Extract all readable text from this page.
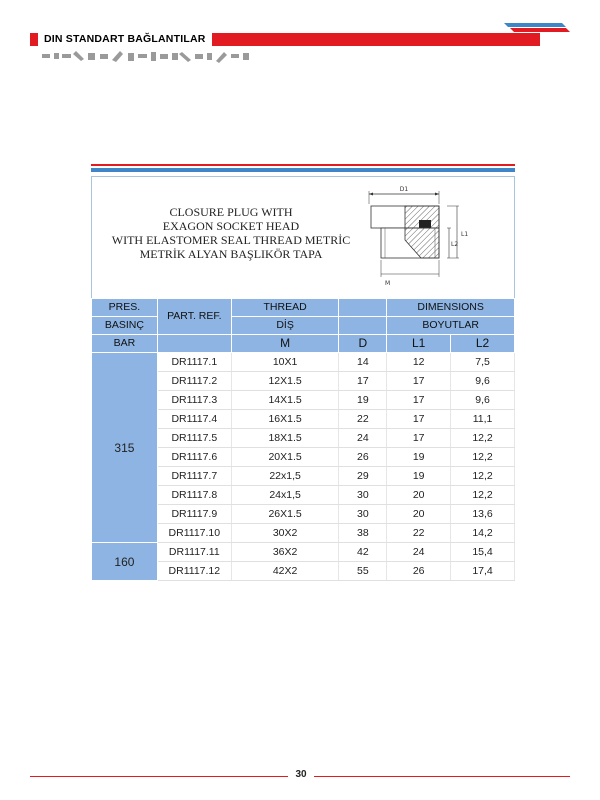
DIN STANDART BAĞLANTILAR
CLOSURE PLUG WITH
EXAGON SOCKET HEAD
WITH ELASTOMER SEAL THREAD METRİC
METRİK ALYAN BAŞLIKÖR TAPA
D1
L1
L2
M
PRES.	PART. REF.	THREAD		DIMENSIONS	
BASINÇ		DİŞ		BOYUTLAR	
BAR		M	D	L1	L2
315	DR1117.1	10X1	14	12	7,5
	DR1117.2	12X1.5	17	17	9,6
	DR1117.3	14X1.5	19	17	9,6
	DR1117.4	16X1.5	22	17	11,1
	DR1117.5	18X1.5	24	17	12,2
	DR1117.6	20X1.5	26	19	12,2
	DR1117.7	22x1,5	29	19	12,2
	DR1117.8	24x1,5	30	20	12,2
	DR1117.9	26X1.5	30	20	13,6
	DR1117.10	30X2	38	22	14,2
160	DR1117.11	36X2	42	24	15,4
	DR1117.12	42X2	55	26	17,4
30
